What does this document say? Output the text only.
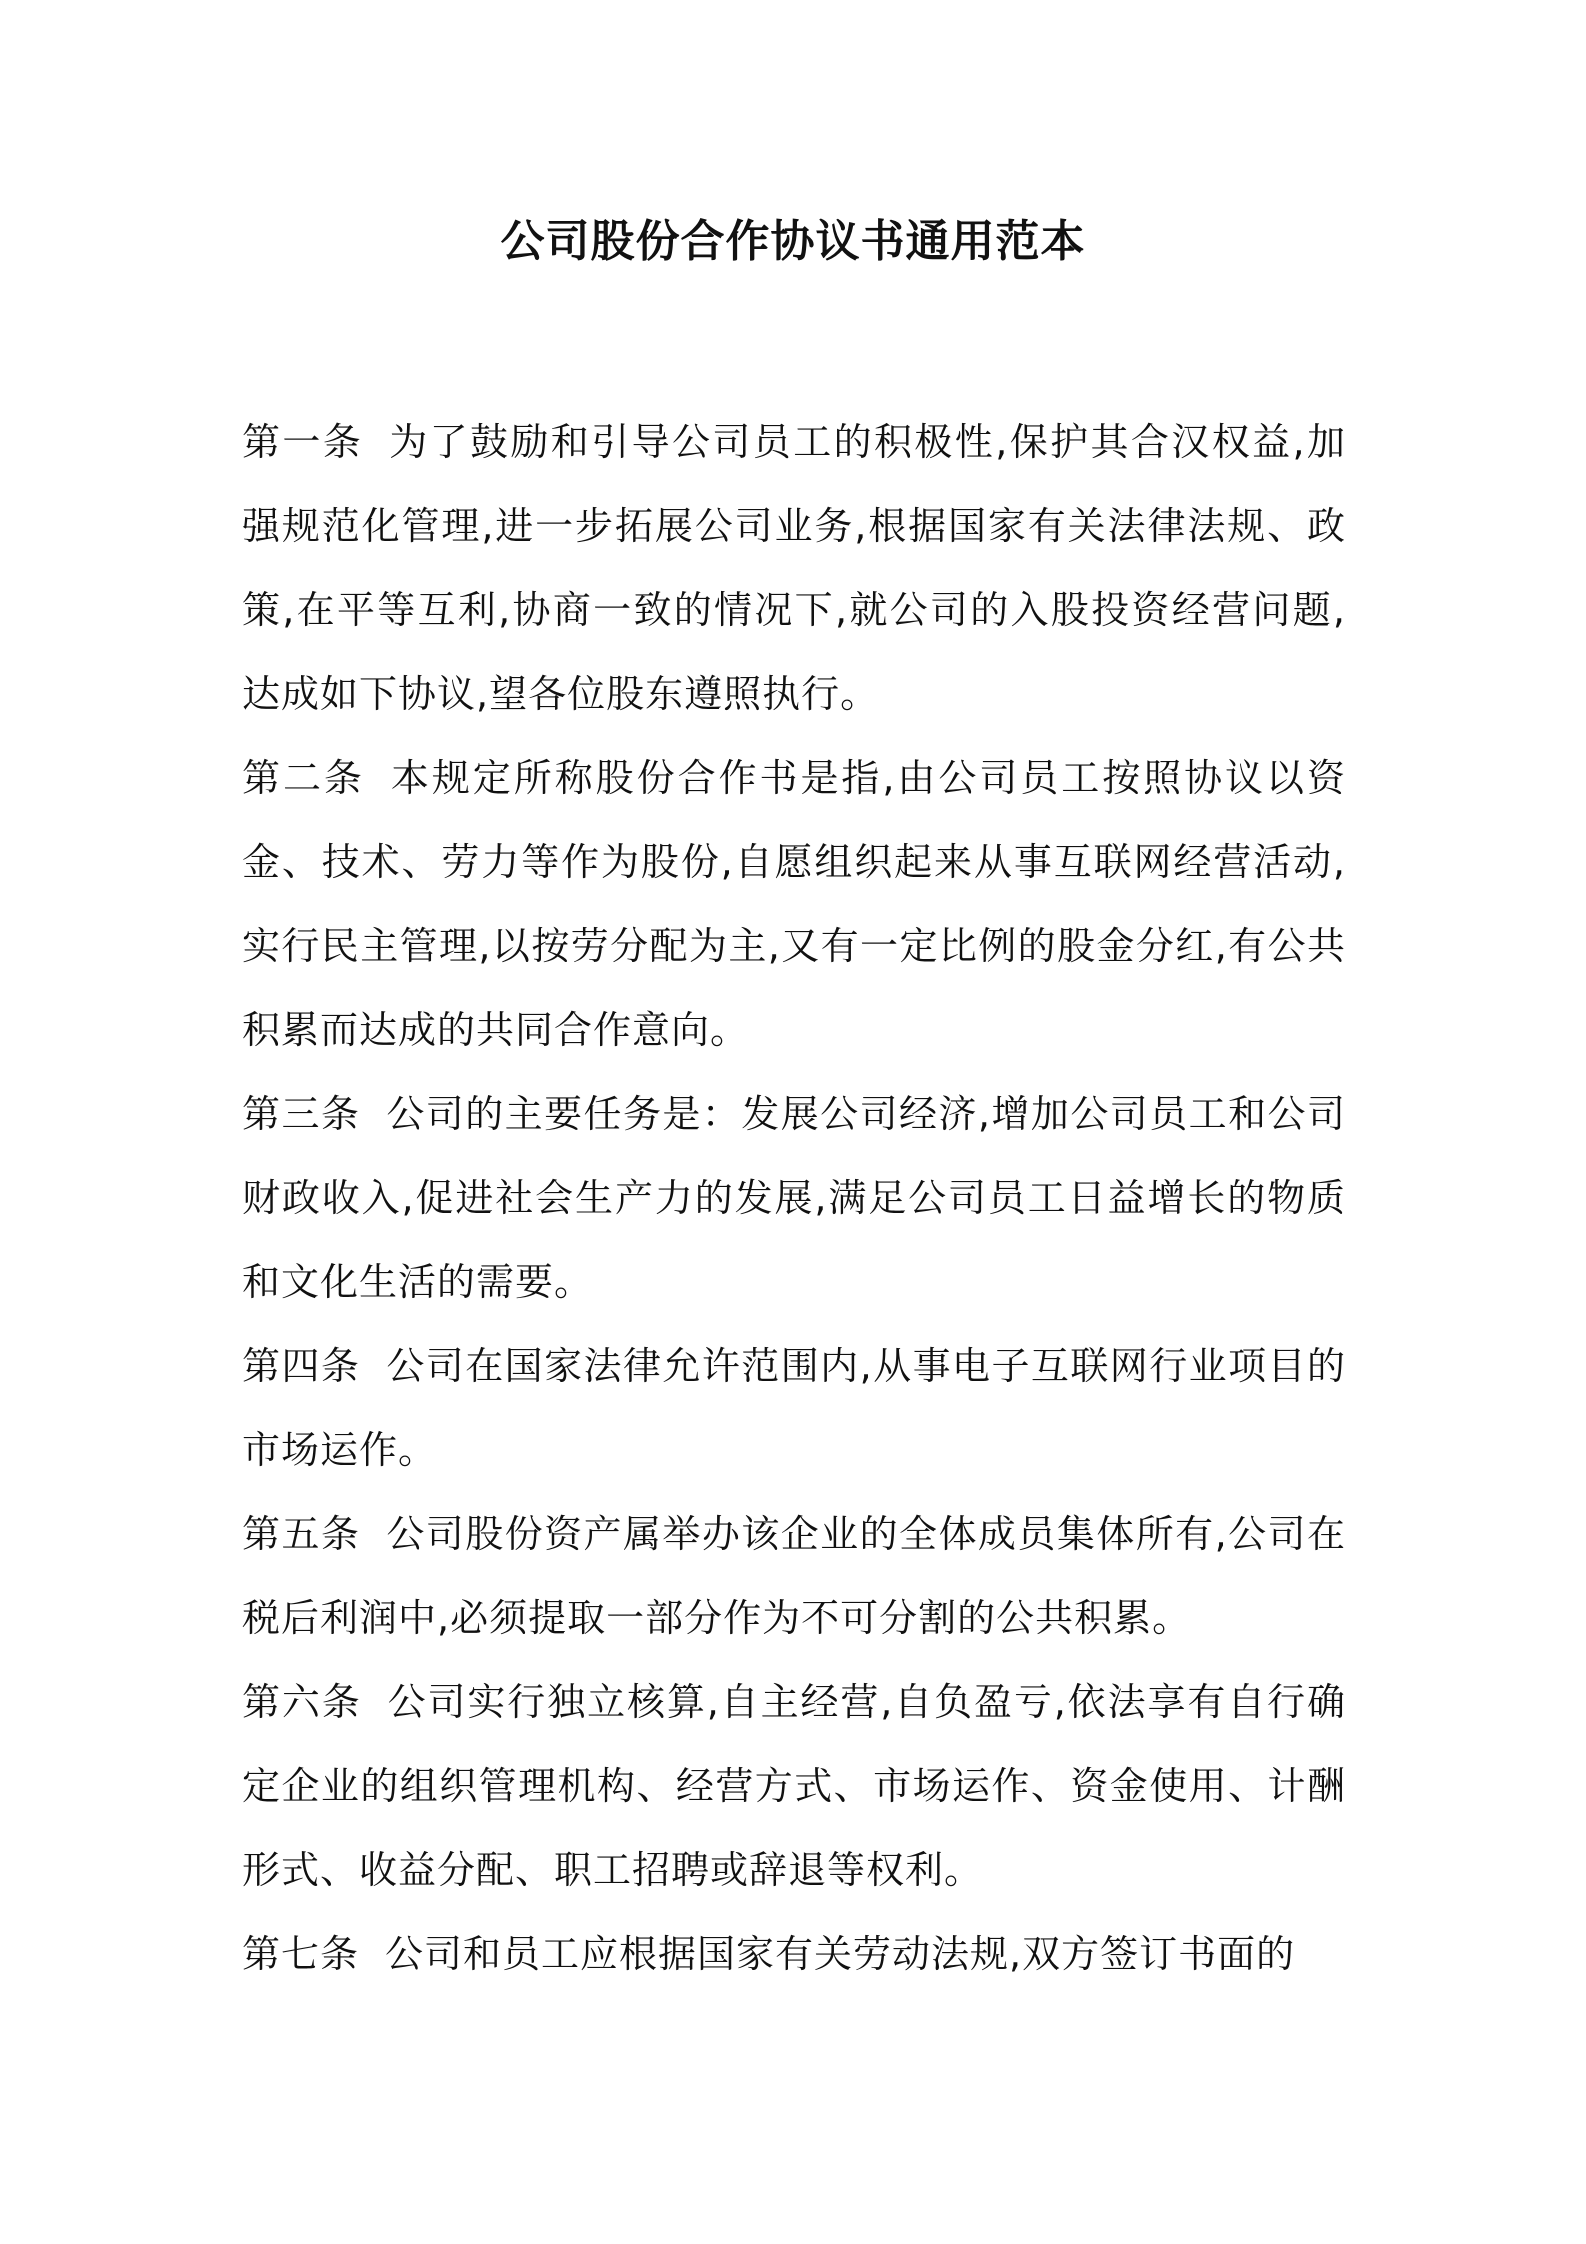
公司股份合作协议书通用范本

第一条 为了鼓励和引导公司员工的积极性,保护其合汉权益,加强规范化管理,进一步拓展公司业务,根据国家有关法律法规、政策,在平等互利,协商一致的情况下,就公司的入股投资经营问题,达成如下协议,望各位股东遵照执行。

第二条 本规定所称股份合作书是指,由公司员工按照协议以资金、技术、劳力等作为股份,自愿组织起来从事互联网经营活动,实行民主管理,以按劳分配为主,又有一定比例的股金分红,有公共积累而达成的共同合作意向。

第三条 公司的主要任务是：发展公司经济,增加公司员工和公司财政收入,促进社会生产力的发展,满足公司员工日益增长的物质和文化生活的需要。

第四条 公司在国家法律允许范围内,从事电子互联网行业项目的市场运作。

第五条 公司股份资产属举办该企业的全体成员集体所有,公司在税后利润中,必须提取一部分作为不可分割的公共积累。

第六条 公司实行独立核算,自主经营,自负盈亏,依法享有自行确定企业的组织管理机构、经营方式、市场运作、资金使用、计酬形式、收益分配、职工招聘或辞退等权利。

第七条 公司和员工应根据国家有关劳动法规,双方签订书面的
